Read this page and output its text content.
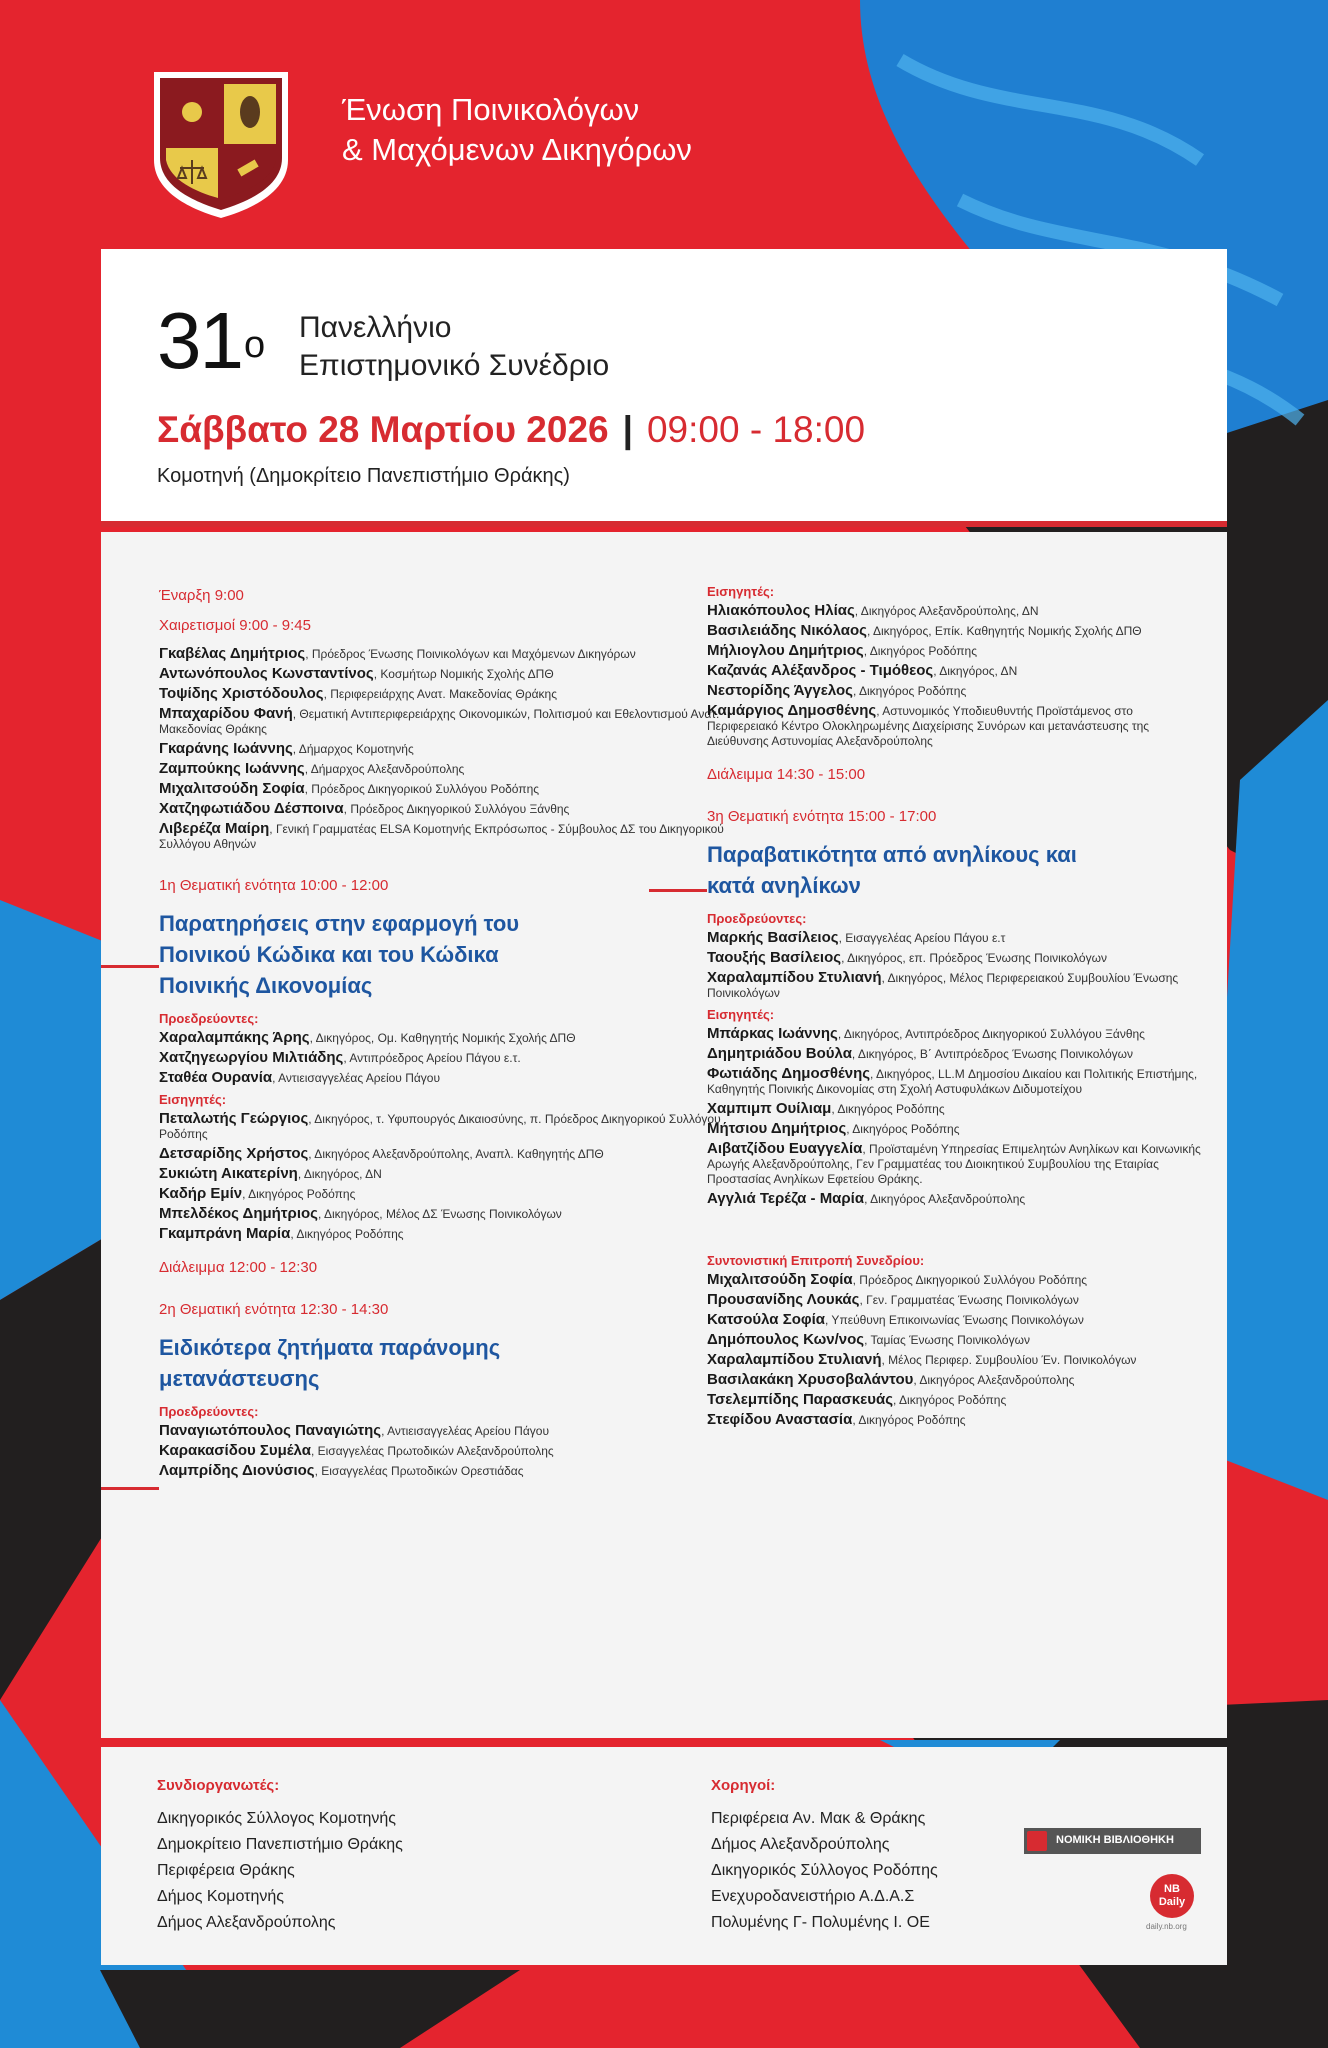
Ένωση Ποινικολόγων
& Μαχόμενων Δικηγόρων
$31^o$ Πανελλήνιο
Επιστημονικό Συνέδριο
Σάββατο 28 Μαρτίου 2026 | 09:00 - 18:00
Κομοτηνή (Δημοκρίτειο Πανεπιστήμιο Θράκης)
Έναρξη 9:00
Χαιρετισμοί 9:00 - 9:45
Γκαβέλας Δημήτριος, Πρόεδρος Ένωσης Ποινικολόγων και Μαχόμενων Δικηγόρων
Αντωνόπουλος Κωνσταντίνος, Κοσμήτωρ Νομικής Σχολής ΔΠΘ
Τοψίδης Χριστόδουλος, Περιφερειάρχης Ανατ. Μακεδονίας Θράκης
Μπαχαρίδου Φανή, Θεματική Αντιπεριφερειάρχης Οικονομικών, Πολιτισμού και Εθελοντισμού Ανατ. Μακεδονίας Θράκης
Γκαράνης Ιωάννης, Δήμαρχος Κομοτηνής
Ζαμπούκης Ιωάννης, Δήμαρχος Αλεξανδρούπολης
Μιχαλιτσούδη Σοφία, Πρόεδρος Δικηγορικού Συλλόγου Ροδόπης
Χατζηφωτιάδου Δέσποινα, Πρόεδρος Δικηγορικού Συλλόγου Ξάνθης
Λιβερέζα Μαίρη, Γενική Γραμματέας ELSA Κομοτηνής Εκπρόσωπος - Σύμβουλος ΔΣ του Δικηγορικού Συλλόγου Αθηνών
1η Θεματική ενότητα 10:00 - 12:00
Παρατηρήσεις στην εφαρμογή του Ποινικού Κώδικα και του Κώδικα Ποινικής Δικονομίας
Προεδρεύοντες:
Χαραλαμπάκης Άρης, Δικηγόρος, Ομ. Καθηγητής Νομικής Σχολής ΔΠΘ
Χατζηγεωργίου Μιλτιάδης, Αντιπρόεδρος Αρείου Πάγου ε.τ.
Σταθέα Ουρανία, Αντιεισαγγελέας Αρείου Πάγου
Εισηγητές:
Πεταλωτής Γεώργιος, Δικηγόρος, τ. Υφυπουργός Δικαιοσύνης, π. Πρόεδρος Δικηγορικού Συλλόγου Ροδόπης
Δετσαρίδης Χρήστος, Δικηγόρος Αλεξανδρούπολης, Αναπλ. Καθηγητής ΔΠΘ
Συκιώτη Αικατερίνη, Δικηγόρος, ΔΝ
Καδήρ Εμίν, Δικηγόρος Ροδόπης
Μπελδέκος Δημήτριος, Δικηγόρος, Μέλος ΔΣ Ένωσης Ποινικολόγων
Γκαμπράνη Μαρία, Δικηγόρος Ροδόπης
Διάλειμμα 12:00 - 12:30
2η Θεματική ενότητα 12:30 - 14:30
Ειδικότερα ζητήματα παράνομης μετανάστευσης
Προεδρεύοντες:
Παναγιωτόπουλος Παναγιώτης, Αντιεισαγγελέας Αρείου Πάγου
Καρακασίδου Συμέλα, Εισαγγελέας Πρωτοδικών Αλεξανδρούπολης
Λαμπρίδης Διονύσιος, Εισαγγελέας Πρωτοδικών Ορεστιάδας
Εισηγητές:
Ηλιακόπουλος Ηλίας, Δικηγόρος Αλεξανδρούπολης, ΔΝ
Βασιλειάδης Νικόλαος, Δικηγόρος, Επίκ. Καθηγητής Νομικής Σχολής ΔΠΘ
Μήλιογλου Δημήτριος, Δικηγόρος Ροδόπης
Καζανάς Αλέξανδρος - Τιμόθεος, Δικηγόρος, ΔΝ
Νεστορίδης Άγγελος, Δικηγόρος Ροδόπης
Καμάργιος Δημοσθένης, Αστυνομικός Υποδιευθυντής Προϊστάμενος στο Περιφερειακό Κέντρο Ολοκληρωμένης Διαχείρισης Συνόρων και μετανάστευσης της Διεύθυνσης Αστυνομίας Αλεξανδρούπολης
Διάλειμμα 14:30 - 15:00
3η Θεματική ενότητα 15:00 - 17:00
Παραβατικότητα από ανηλίκους και κατά ανηλίκων
Προεδρεύοντες:
Μαρκής Βασίλειος, Εισαγγελέας Αρείου Πάγου ε.τ
Ταουξής Βασίλειος, Δικηγόρος, επ. Πρόεδρος Ένωσης Ποινικολόγων
Χαραλαμπίδου Στυλιανή, Δικηγόρος, Μέλος Περιφερειακού Συμβουλίου Ένωσης Ποινικολόγων
Εισηγητές:
Μπάρκας Ιωάννης, Δικηγόρος, Αντιπρόεδρος Δικηγορικού Συλλόγου Ξάνθης
Δημητριάδου Βούλα, Δικηγόρος, Β΄ Αντιπρόεδρος Ένωσης Ποινικολόγων
Φωτιάδης Δημοσθένης, Δικηγόρος, LL.M Δημοσίου Δικαίου και Πολιτικής Επιστήμης, Καθηγητής Ποινικής Δικονομίας στη Σχολή Αστυφυλάκων Διδυμοτείχου
Χαμπιμπ Ουίλιαμ, Δικηγόρος Ροδόπης
Μήτσιου Δημήτριος, Δικηγόρος Ροδόπης
Αιβατζίδου Ευαγγελία, Προϊσταμένη Υπηρεσίας Επιμελητών Ανηλίκων και Κοινωνικής Αρωγής Αλεξανδρούπολης, Γεν Γραμματέας του Διοικητικού Συμβουλίου της Εταιρίας Προστασίας Ανηλίκων Εφετείου Θράκης.
Αγγλιά Τερέζα - Μαρία, Δικηγόρος Αλεξανδρούπολης
Συντονιστική Επιτροπή Συνεδρίου:
Μιχαλιτσούδη Σοφία, Πρόεδρος Δικηγορικού Συλλόγου Ροδόπης
Προυσανίδης Λουκάς, Γεν. Γραμματέας Ένωσης Ποινικολόγων
Κατσούλα Σοφία, Υπεύθυνη Επικοινωνίας Ένωσης Ποινικολόγων
Δημόπουλος Κων/νος, Ταμίας Ένωσης Ποινικολόγων
Χαραλαμπίδου Στυλιανή, Μέλος Περιφερ. Συμβουλίου Έν. Ποινικολόγων
Βασιλακάκη Χρυσοβαλάντου, Δικηγόρος Αλεξανδρούπολης
Τσελεμπίδης Παρασκευάς, Δικηγόρος Ροδόπης
Στεφίδου Αναστασία, Δικηγόρος Ροδόπης
Συνδιοργανωτές:
Δικηγορικός Σύλλογος Κομοτηνής
Δημοκρίτειο Πανεπιστήμιο Θράκης
Περιφέρεια Θράκης
Δήμος Κομοτηνής
Δήμος Αλεξανδρούπολης
Χορηγοί:
Περιφέρεια Αν. Μακ & Θράκης
Δήμος Αλεξανδρούπολης
Δικηγορικός Σύλλογος Ροδόπης
Ενεχυροδανειστήριο Α.Δ.Α.Σ
Πολυμένης Γ- Πολυμένης Ι. ΟΕ
ΝΟΜΙΚΗ ΒΙΒΛΙΟΘΗΚΗ
NB Daily
daily.nb.org
